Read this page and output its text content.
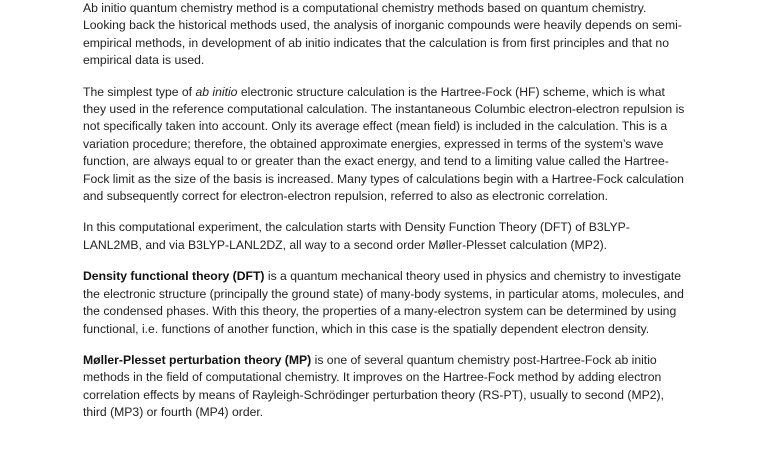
Ab initio quantum chemistry method is a computational chemistry methods based on quantum chemistry. Looking back the historical methods used, the analysis of inorganic compounds were heavily depends on semi-empirical methods, in development of ab initio indicates that the calculation is from first principles and that no empirical data is used.

The simplest type of ab initio electronic structure calculation is the Hartree-Fock (HF) scheme, which is what they used in the reference computational calculation. The instantaneous Columbic electron-electron repulsion is not specifically taken into account. Only its average effect (mean field) is included in the calculation. This is a variation procedure; therefore, the obtained approximate energies, expressed in terms of the system’s wave function, are always equal to or greater than the exact energy, and tend to a limiting value called the Hartree-Fock limit as the size of the basis is increased. Many types of calculations begin with a Hartree-Fock calculation and subsequently correct for electron-electron repulsion, referred to also as electronic correlation.

In this computational experiment, the calculation starts with Density Function Theory (DFT) of B3LYP-LANL2MB, and via B3LYP-LANL2DZ, all way to a second order Møller-Plesset calculation (MP2).

Density functional theory (DFT) is a quantum mechanical theory used in physics and chemistry to investigate the electronic structure (principally the ground state) of many-body systems, in particular atoms, molecules, and the condensed phases. With this theory, the properties of a many-electron system can be determined by using functional, i.e. functions of another function, which in this case is the spatially dependent electron density.

Møller-Plesset perturbation theory (MP) is one of several quantum chemistry post-Hartree-Fock ab initio methods in the field of computational chemistry. It improves on the Hartree-Fock method by adding electron correlation effects by means of Rayleigh-Schrödinger perturbation theory (RS-PT), usually to second (MP2), third (MP3) or fourth (MP4) order.
